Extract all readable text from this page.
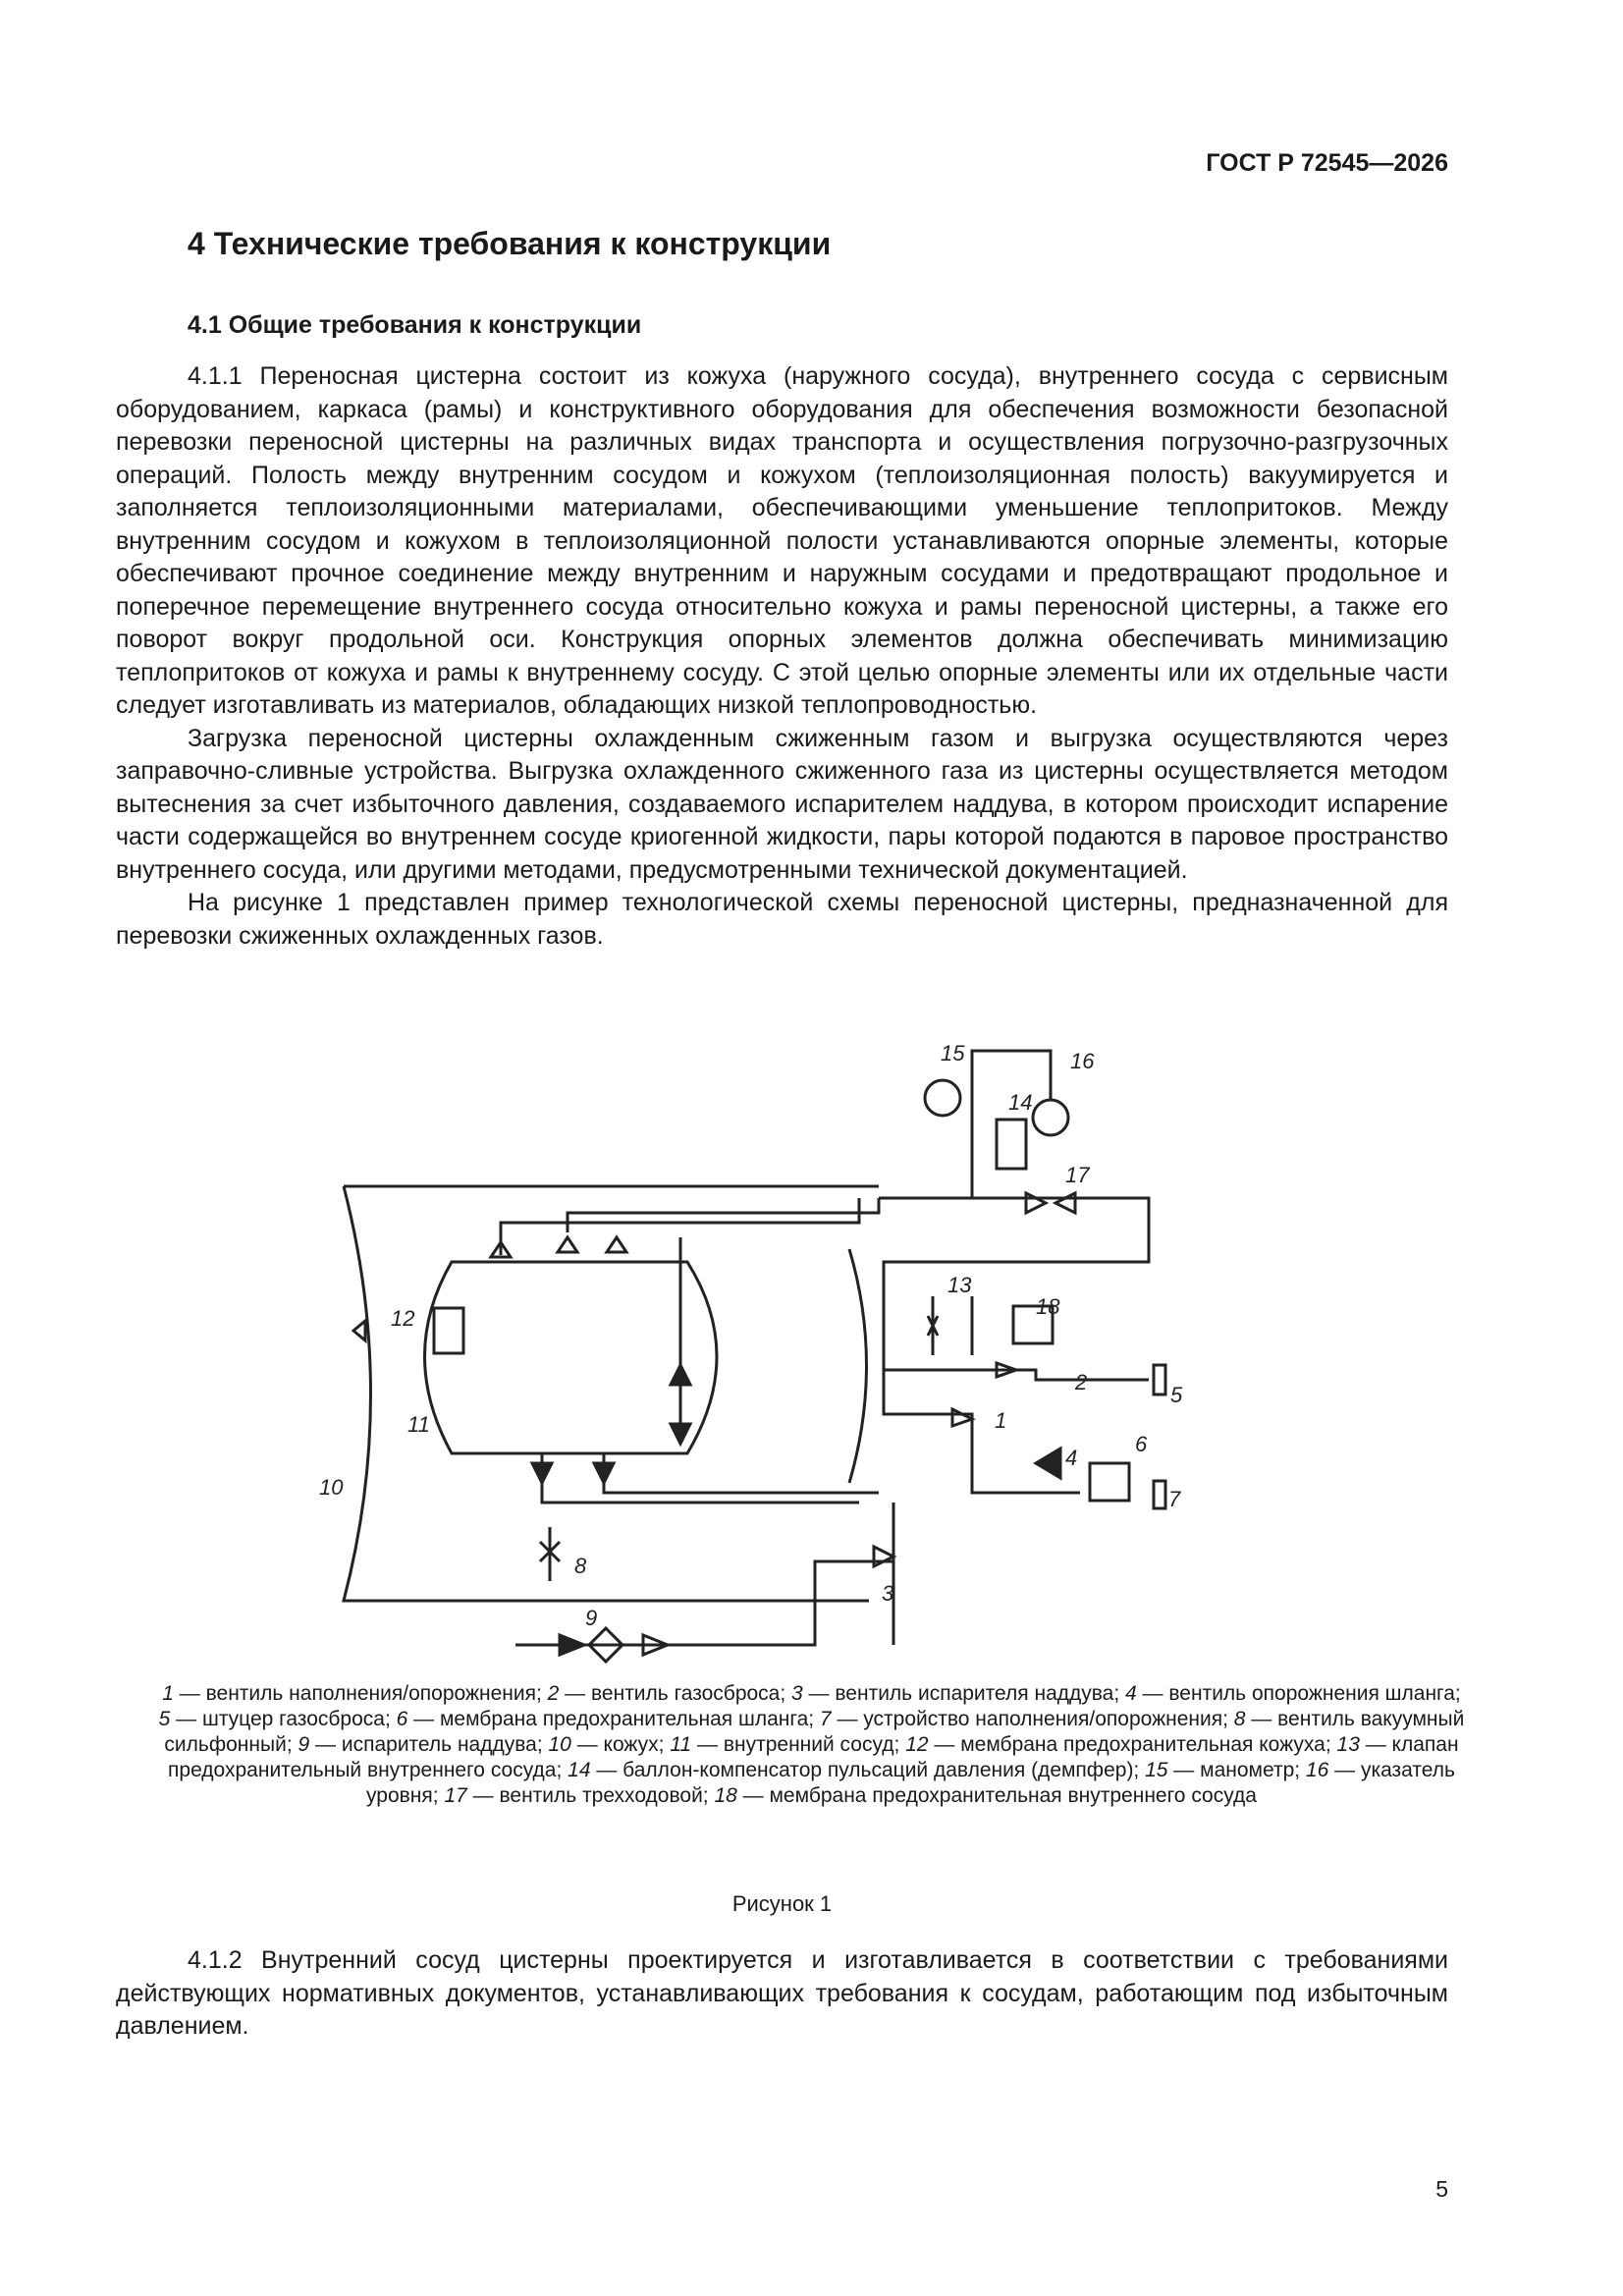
ГОСТ Р 72545—2026
4 Технические требования к конструкции
4.1 Общие требования к конструкции

4.1.1 Переносная цистерна состоит из кожуха (наружного сосуда), внутреннего сосуда с сервисным оборудованием, каркаса (рамы) и конструктивного оборудования для обеспечения возможности безопасной перевозки переносной цистерны на различных видах транспорта и осуществления погрузочно-разгрузочных операций. Полость между внутренним сосудом и кожухом (теплоизоляционная полость) вакуумируется и заполняется теплоизоляционными материалами, обеспечивающими уменьшение теплопритоков. Между внутренним сосудом и кожухом в теплоизоляционной полости устанавливаются опорные элементы, которые обеспечивают прочное соединение между внутренним и наружным сосудами и предотвращают продольное и поперечное перемещение внутреннего сосуда относительно кожуха и рамы переносной цистерны, а также его поворот вокруг продольной оси. Конструкция опорных элементов должна обеспечивать минимизацию теплопритоков от кожуха и рамы к внутреннему сосуду. С этой целью опорные элементы или их отдельные части следует изготавливать из материалов, обладающих низкой теплопроводностью.

Загрузка переносной цистерны охлажденным сжиженным газом и выгрузка осуществляются через заправочно-сливные устройства. Выгрузка охлажденного сжиженного газа из цистерны осуществляется методом вытеснения за счет избыточного давления, создаваемого испарителем наддува, в котором происходит испарение части содержащейся во внутреннем сосуде криогенной жидкости, пары которой подаются в паровое пространство внутреннего сосуда, или другими методами, предусмотренными технической документацией.

На рисунке 1 представлен пример технологической схемы переносной цистерны, предназначенной для перевозки сжиженных охлажденных газов.

15	16
14
17
13
18
2
5
1
4
6
7
8
3
9
10
11
12
1 — вентиль наполнения/опорожнения; 2 — вентиль газосброса; 3 — вентиль испарителя наддува; 4 — вентиль опорожнения шланга; 5 — штуцер газосброса; 6 — мембрана предохранительная шланга; 7 — устройство наполнения/опорожнения; 8 — вентиль вакуумный сильфонный; 9 — испаритель наддува; 10 — кожух; 11 — внутренний сосуд; 12 — мембрана предохранительная кожуха; 13 — клапан предохранительный внутреннего сосуда; 14 — баллон-компенсатор пульсаций давления (демпфер); 15 — манометр; 16 — указатель уровня; 17 — вентиль трехходовой; 18 — мембрана предохранительная внутреннего сосуда
Рисунок 1

4.1.2 Внутренний сосуд цистерны проектируется и изготавливается в соответствии с требованиями действующих нормативных документов, устанавливающих требования к сосудам, работающим под избыточным давлением.

5
